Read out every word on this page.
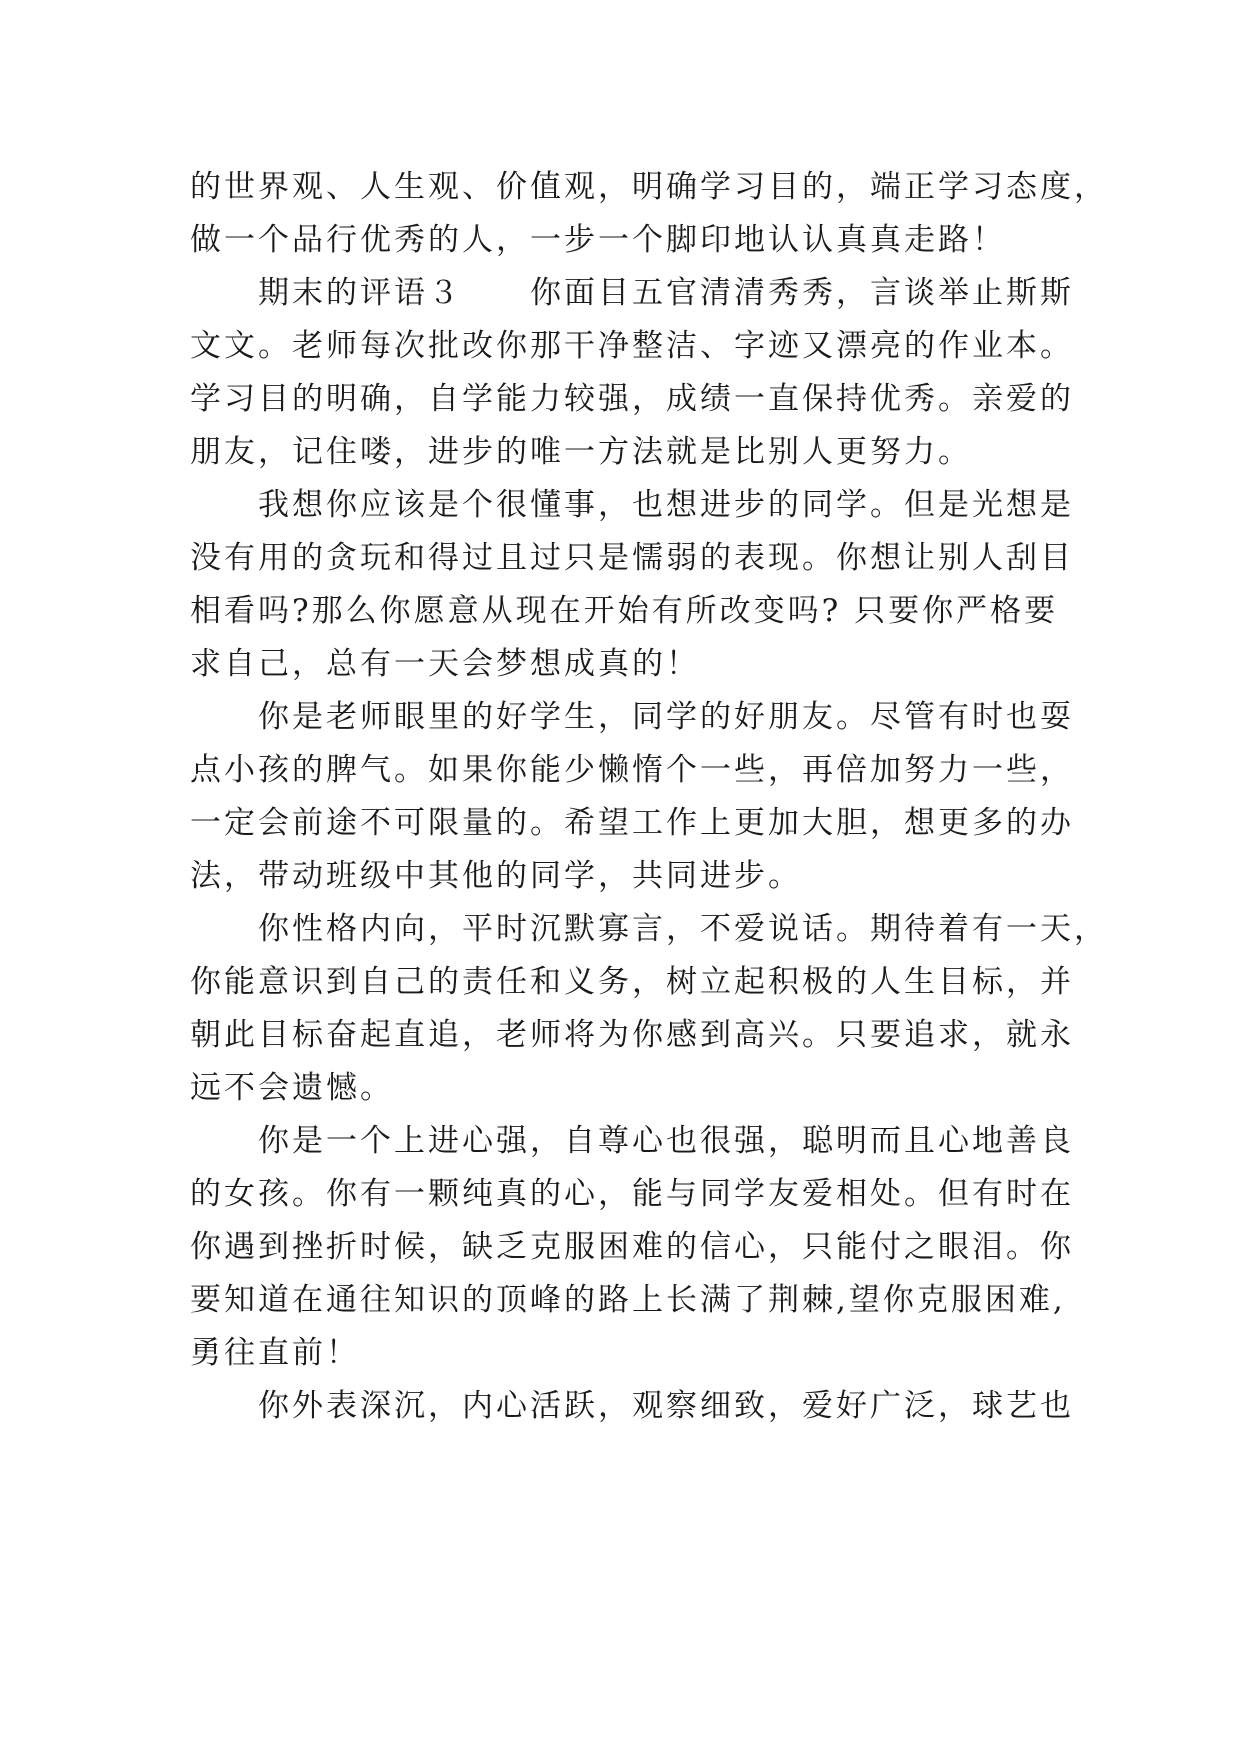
的世界观、人生观、价值观，明确学习目的，端正学习态度，
做一个品行优秀的人，一步一个脚印地认认真真走路！
　　期末的评语３　　你面目五官清清秀秀，言谈举止斯斯
文文。老师每次批改你那干净整洁、字迹又漂亮的作业本。
学习目的明确，自学能力较强，成绩一直保持优秀。亲爱的
朋友，记住喽，进步的唯一方法就是比别人更努力。
　　我想你应该是个很懂事，也想进步的同学。但是光想是
没有用的贪玩和得过且过只是懦弱的表现。你想让别人刮目
相看吗?那么你愿意从现在开始有所改变吗? 只要你严格要
求自己，总有一天会梦想成真的！
　　你是老师眼里的好学生，同学的好朋友。尽管有时也耍
点小孩的脾气。如果你能少懒惰个一些，再倍加努力一些，
一定会前途不可限量的。希望工作上更加大胆，想更多的办
法，带动班级中其他的同学，共同进步。
　　你性格内向，平时沉默寡言，不爱说话。期待着有一天，
你能意识到自己的责任和义务，树立起积极的人生目标，并
朝此目标奋起直追，老师将为你感到高兴。只要追求，就永
远不会遗憾。
　　你是一个上进心强，自尊心也很强，聪明而且心地善良
的女孩。你有一颗纯真的心，能与同学友爱相处。但有时在
你遇到挫折时候，缺乏克服困难的信心，只能付之眼泪。你
要知道在通往知识的顶峰的路上长满了荆棘,望你克服困难,
勇往直前！
　　你外表深沉，内心活跃，观察细致，爱好广泛，球艺也
